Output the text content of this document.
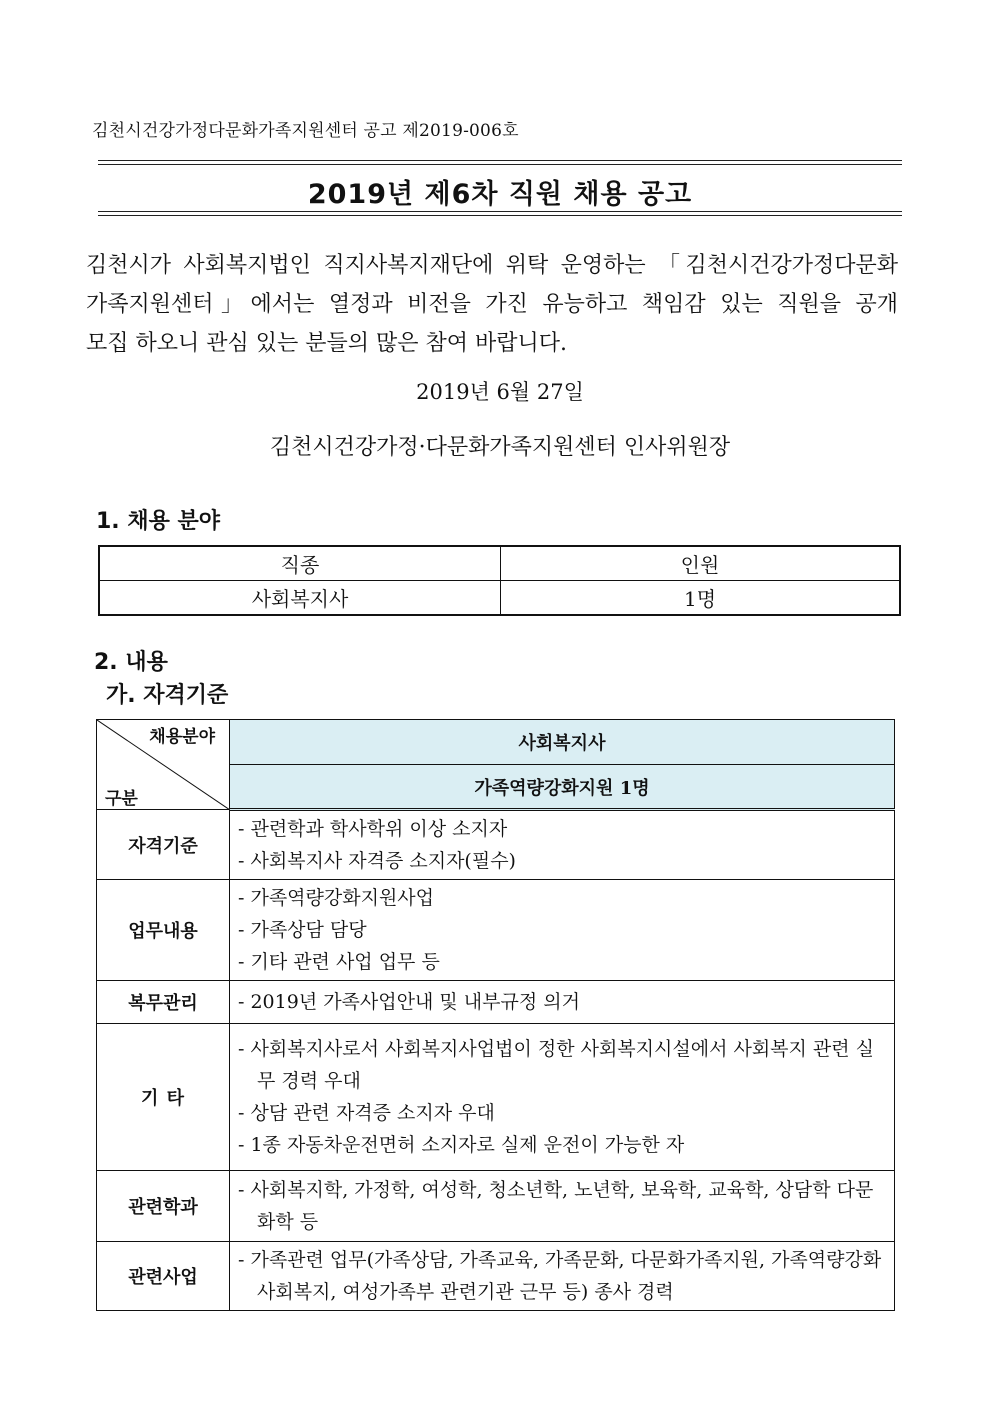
김천시건강가정다문화가족지원센터 공고 제2019-006호
2019년 제6차 직원 채용 공고
김천시가 사회복지법인 직지사복지재단에 위탁 운영하는 「김천시건강가정다문화
가족지원센터」에서는 열정과 비전을 가진 유능하고 책임감 있는 직원을 공개
모집 하오니 관심 있는 분들의 많은 참여 바랍니다.
2019년 6월 27일
김천시건강가정·다문화가족지원센터 인사위원장
1. 채용 분야
직종	인원
사회복지사	1명
2. 내용
가. 자격기준
채용분야
구분	사회복지사
	가족역량강화지원 1명
자격기준	- 관련학과 학사학위 이상 소지자
- 사회복지사 자격증 소지자(필수)

업무내용	- 가족역량강화지원사업
- 가족상담 담당
- 기타 관련 사업 업무 등

복무관리	- 2019년 가족사업안내 및 내부규정 의거

기 타	- 사회복지사로서 사회복지사업법이 정한 사회복지시설에서 사회복지 관련 실무 경력 우대
- 상담 관련 자격증 소지자 우대
- 1종 자동차운전면허 소지자로 실제 운전이 가능한 자

관련학과	- 사회복지학, 가정학, 여성학, 청소년학, 노년학, 보육학, 교육학, 상담학 다문화학 등

관련사업	- 가족관련 업무(가족상담, 가족교육, 가족문화, 다문화가족지원, 가족역량강화 사회복지, 여성가족부 관련기관 근무 등) 종사 경력
